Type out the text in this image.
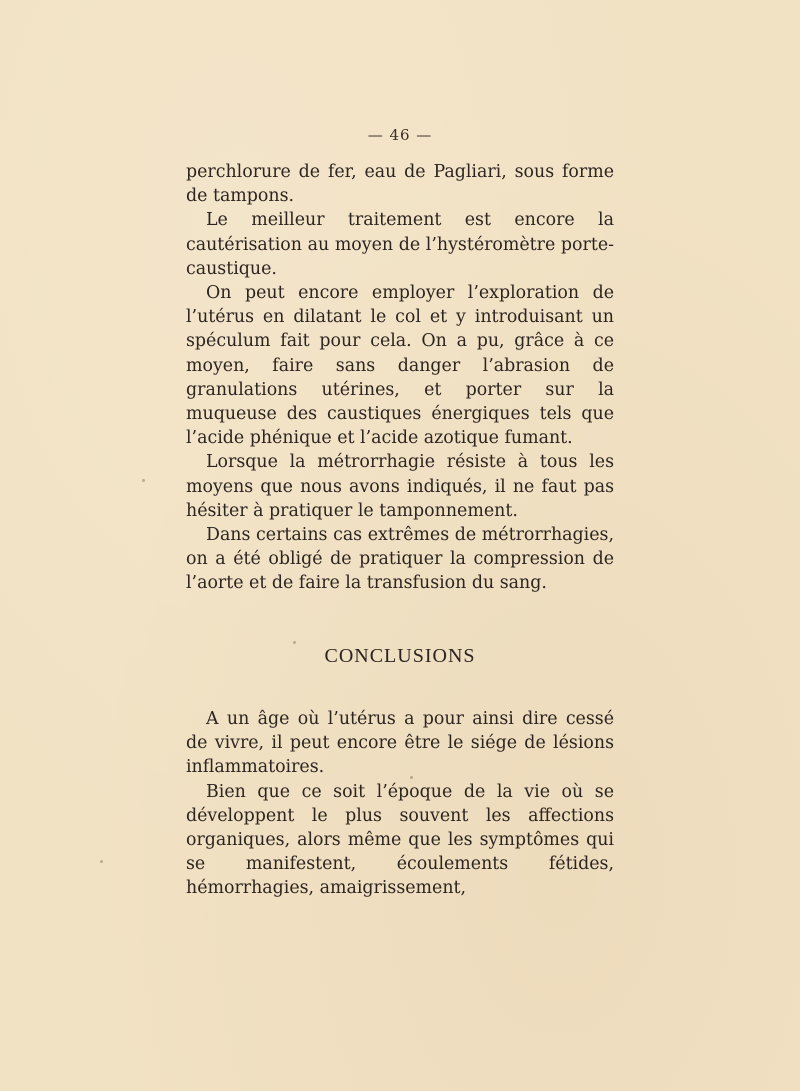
— 46 —

perchlorure de fer, eau de Pagliari, sous forme de tampons.

Le meilleur traitement est encore la cautérisation au moyen de l’hystéromètre porte-caustique.

On peut encore employer l’exploration de l’utérus en dilatant le col et y introduisant un spéculum fait pour cela. On a pu, grâce à ce moyen, faire sans danger l’abrasion de granulations utérines, et porter sur la muqueuse des caustiques énergiques tels que l’acide phénique et l’acide azotique fumant.

Lorsque la métrorrhagie résiste à tous les moyens que nous avons indiqués, il ne faut pas hésiter à pratiquer le tamponnement.

Dans certains cas extrêmes de métrorrhagies, on a été obligé de pratiquer la compression de l’aorte et de faire la transfusion du sang.

CONCLUSIONS

A un âge où l’utérus a pour ainsi dire cessé de vivre, il peut encore être le siége de lésions inflammatoires.

Bien que ce soit l’époque de la vie où se développent le plus souvent les affections organiques, alors même que les symptômes qui se manifestent, écoulements fétides, hémorrhagies, amaigrissement,
